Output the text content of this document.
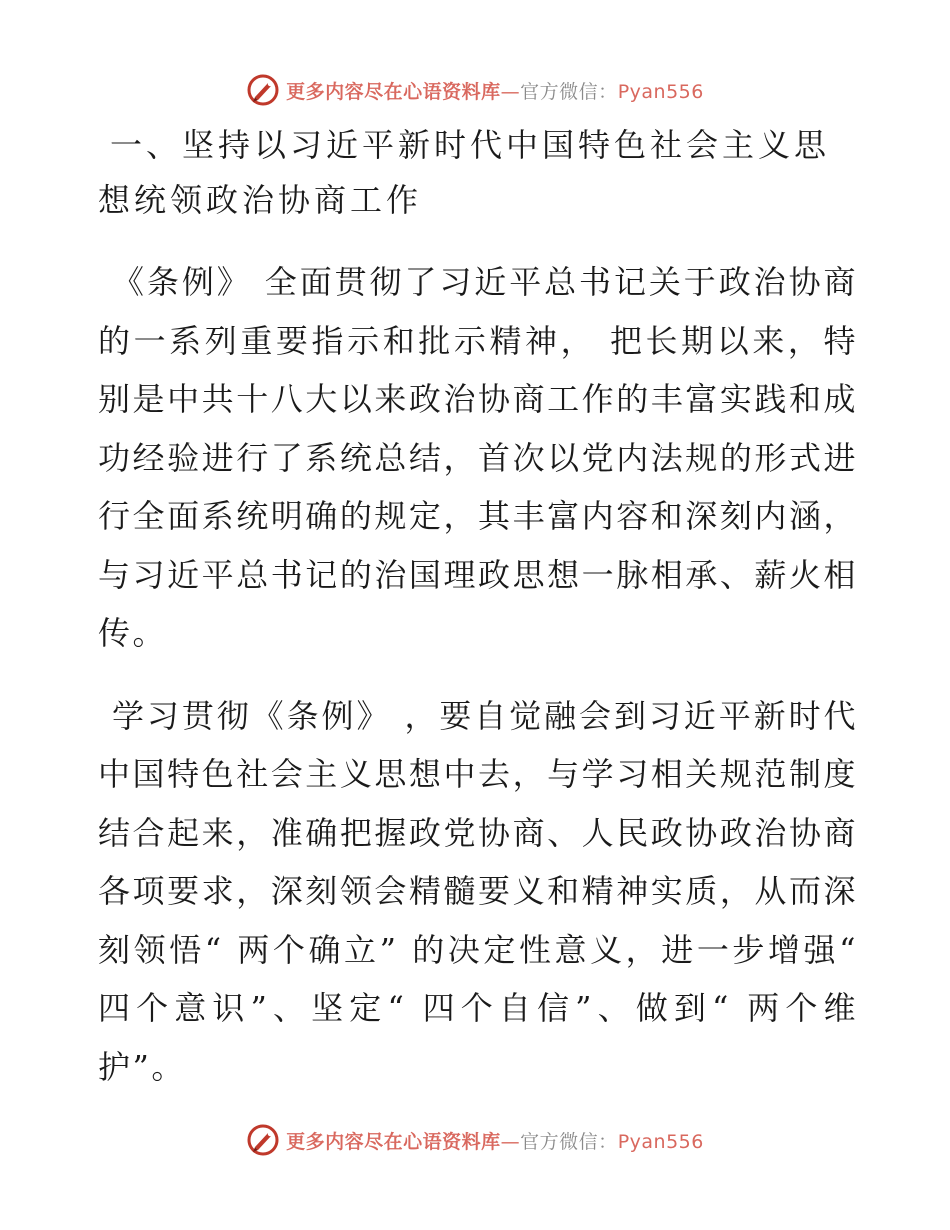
更多内容尽在心语资料库—官方微信：Pyan556
一、坚持以习近平新时代中国特色社会主义思想统领政治协商工作

《条例》 全面贯彻了习近平总书记关于政治协商的一系列重要指示和批示精神， 把长期以来，特别是中共十八大以来政治协商工作的丰富实践和成功经验进行了系统总结，首次以党内法规的形式进行全面系统明确的规定，其丰富内容和深刻内涵，与习近平总书记的治国理政思想一脉相承、薪火相传。

学习贯彻《条例》 ，要自觉融会到习近平新时代中国特色社会主义思想中去，与学习相关规范制度结合起来，准确把握政党协商、人民政协政治协商各项要求，深刻领会精髓要义和精神实质，从而深刻领悟“ 两个确立” 的决定性意义，进一步增强“ 四个意识”、坚定“ 四个自信”、做到“ 两个维护”。

更多内容尽在心语资料库—官方微信：Pyan556
